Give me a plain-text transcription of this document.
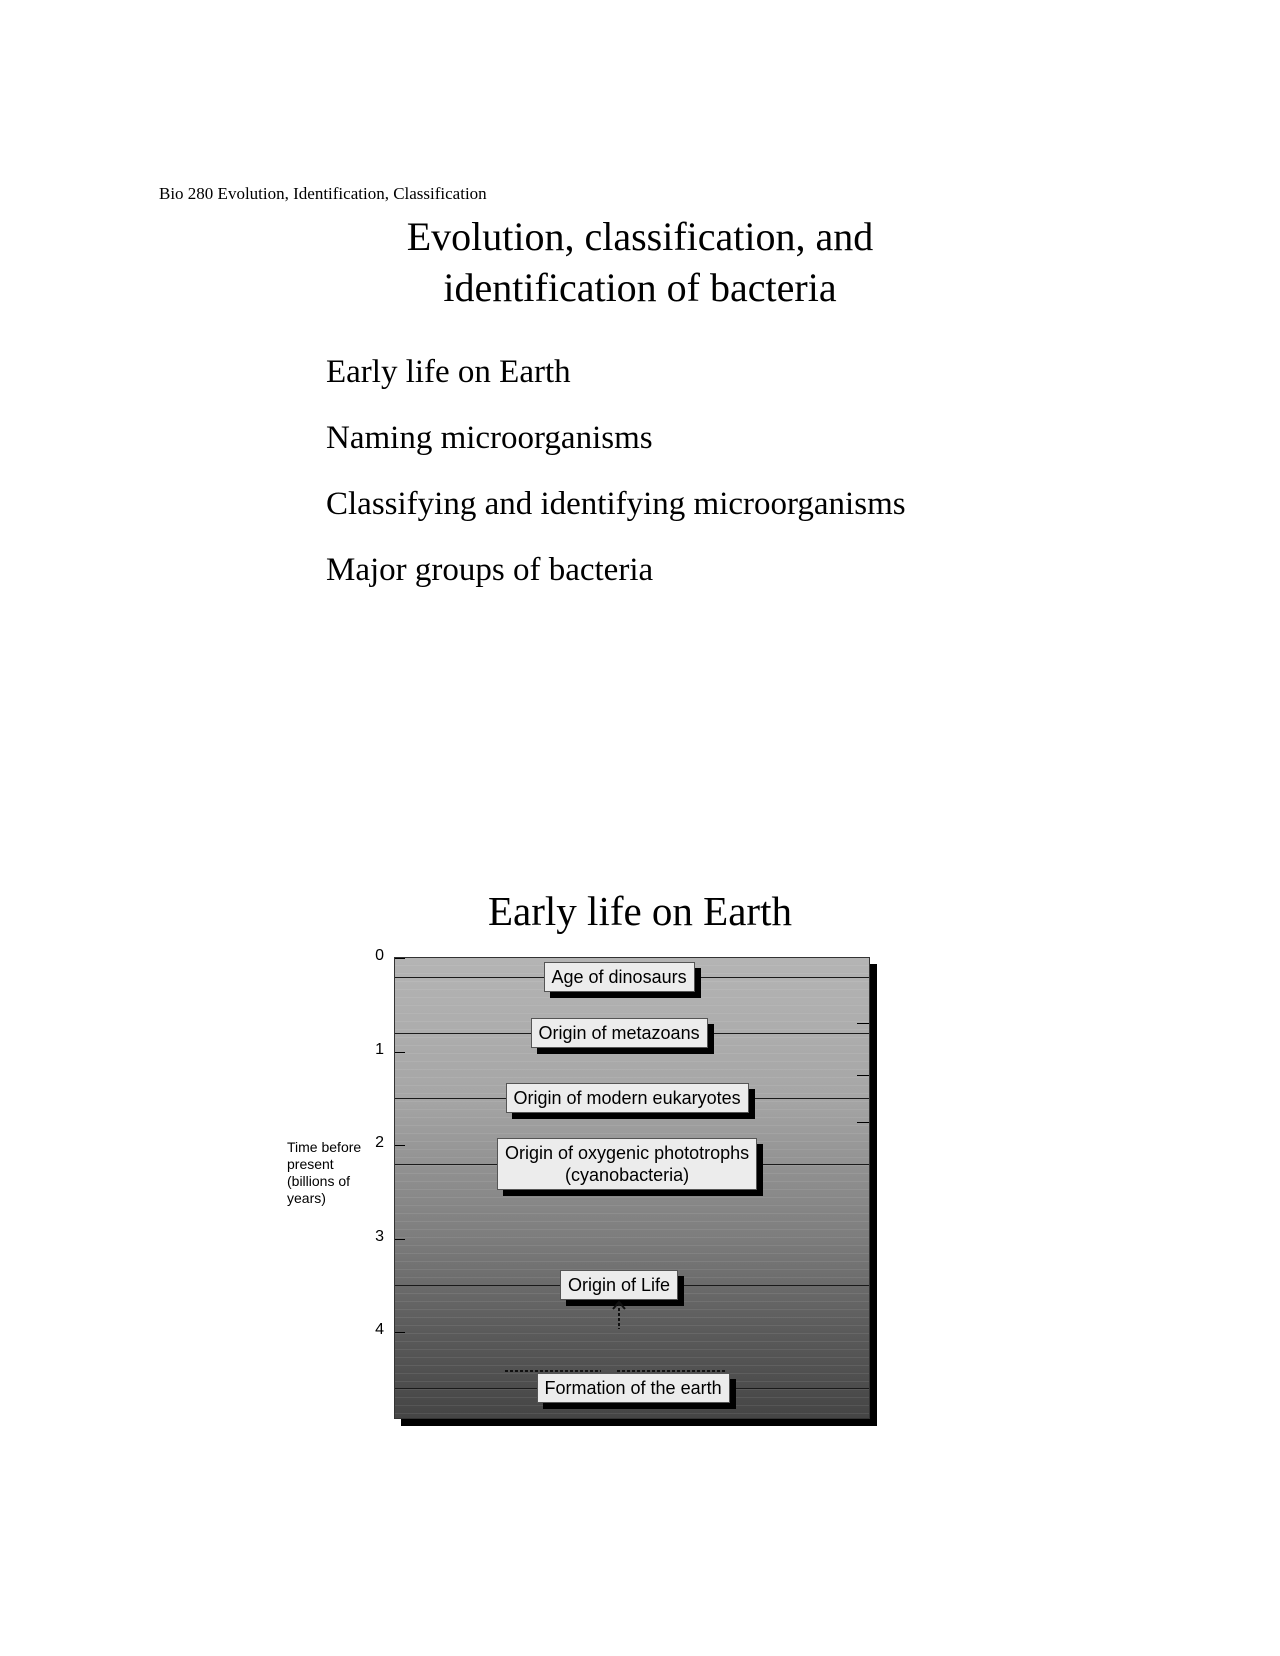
Bio 280 Evolution, Identification, Classification
Evolution, classification, and
identification of bacteria
Early life on Earth
Naming microorganisms
Classifying and identifying microorganisms
Major groups of bacteria
Early life on Earth
Time before
present
(billions of
years)
Age of dinosaurs
Origin of metazoans
Origin of modern eukaryotes
Origin of oxygenic phototrophs
(cyanobacteria)
Origin of Life
Formation of the earth
0
1
2
3
4
